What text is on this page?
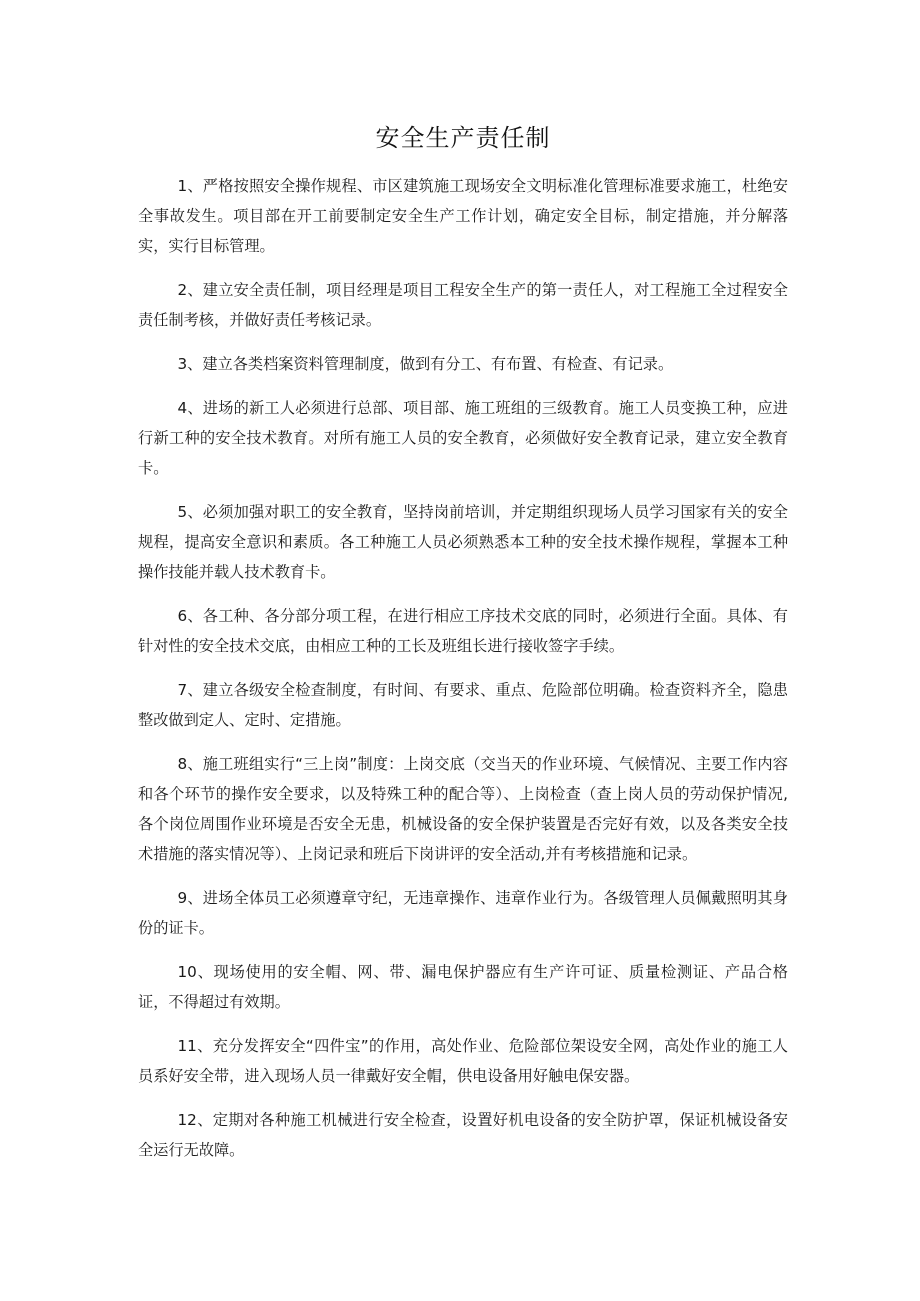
安全生产责任制

1、严格按照安全操作规程、市区建筑施工现场安全文明标准化管理标准要求施工，杜绝安全事故发生。项目部在开工前要制定安全生产工作计划，确定安全目标，制定措施，并分解落实，实行目标管理。

2、建立安全责任制，项目经理是项目工程安全生产的第一责任人，对工程施工全过程安全责任制考核，并做好责任考核记录。

3、建立各类档案资料管理制度，做到有分工、有布置、有检查、有记录。

4、进场的新工人必须进行总部、项目部、施工班组的三级教育。施工人员变换工种，应进行新工种的安全技术教育。对所有施工人员的安全教育，必须做好安全教育记录，建立安全教育卡。

5、必须加强对职工的安全教育，坚持岗前培训，并定期组织现场人员学习国家有关的安全规程，提高安全意识和素质。各工种施工人员必须熟悉本工种的安全技术操作规程，掌握本工种操作技能并载人技术教育卡。

6、各工种、各分部分项工程，在进行相应工序技术交底的同时，必须进行全面。具体、有针对性的安全技术交底，由相应工种的工长及班组长进行接收签字手续。

7、建立各级安全检查制度，有时间、有要求、重点、危险部位明确。检查资料齐全，隐患整改做到定人、定时、定措施。

8、施工班组实行“三上岗”制度：上岗交底（交当天的作业环境、气候情况、主要工作内容和各个环节的操作安全要求，以及特殊工种的配合等）、上岗检查（查上岗人员的劳动保护情况,各个岗位周围作业环境是否安全无患，机械设备的安全保护装置是否完好有效，以及各类安全技术措施的落实情况等）、上岗记录和班后下岗讲评的安全活动,并有考核措施和记录。

9、进场全体员工必须遵章守纪，无违章操作、违章作业行为。各级管理人员佩戴照明其身份的证卡。

10、现场使用的安全帽、网、带、漏电保护器应有生产许可证、质量检测证、产品合格证，不得超过有效期。

11、充分发挥安全“四件宝”的作用，高处作业、危险部位架设安全网，高处作业的施工人员系好安全带，进入现场人员一律戴好安全帽，供电设备用好触电保安器。

12、定期对各种施工机械进行安全检查，设置好机电设备的安全防护罩，保证机械设备安全运行无故障。
